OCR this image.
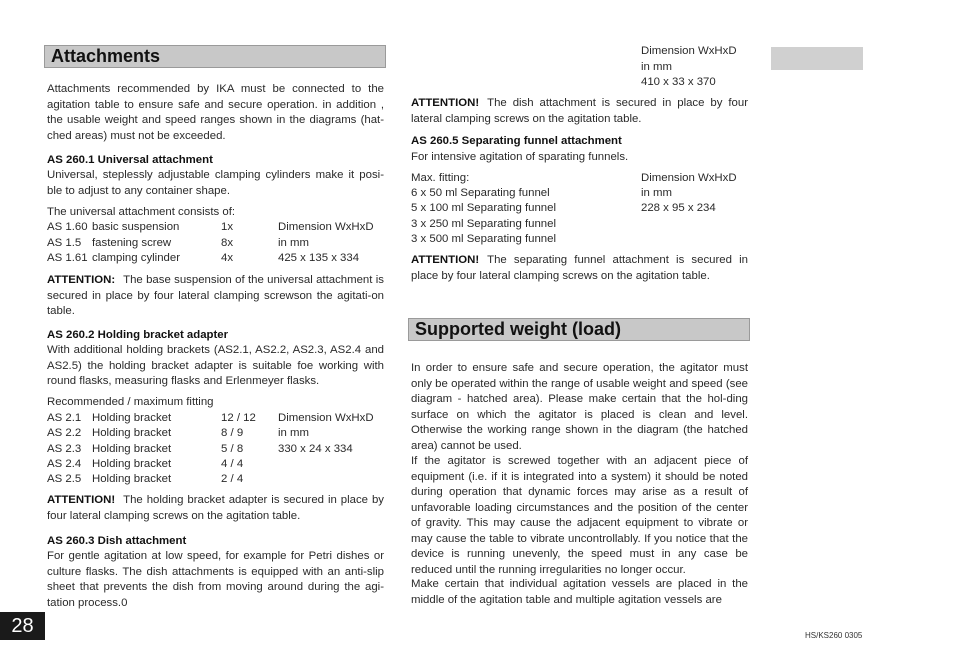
Attachments

Attachments recommended by IKA must be connected to the agitation table to ensure safe and secure operation. in addition , the usable weight and speed ranges shown in the diagrams (hat-ched areas) must not be exceeded.

AS 260.1 Universal attachment

Universal, steplessly adjustable clamping cylinders make it posi-ble to adjust to any container shape.

The universal attachment consists of:

AS 1.60 basic suspension	1x	Dimension WxHxD
AS 1.5 fastening screw	8x	in mm
AS 1.61 clamping cylinder	4x	425 x 135 x 334

ATTENTION: The base suspension of the universal attachment is secured in place by four lateral clamping screwson the agitati-on table.

AS 260.2 Holding bracket adapter

With additional holding brackets (AS2.1, AS2.2, AS2.3, AS2.4 and AS2.5) the holding bracket adapter is suitable foe working with round flasks, measuring flasks and Erlenmeyer flasks.

Recommended / maximum fitting

AS 2.1 Holding bracket	12 / 12 Dimension WxHxD
AS 2.2 Holding bracket	8 / 9	in mm
AS 2.3 Holding bracket	5 / 8	330 x 24 x 334
AS 2.4 Holding bracket	4 / 4
AS 2.5 Holding bracket	2 / 4

ATTENTION! The holding bracket adapter is secured in place by four lateral clamping screws on the agitation table.

AS 260.3 Dish attachment

For gentle agitation at low speed, for example for Petri dishes or culture flasks. The dish attachments is equipped with an anti-slip sheet that prevents the dish from moving around during the agi-tation process.0

Dimension WxHxD
in mm
410 x 33 x 370

ATTENTION! The dish attachment is secured in place by four lateral clamping screws on the agitation table.

AS 260.5 Separating funnel attachment

For intensive agitation of sparating funnels.

Max. fitting:	Dimension WxHxD
6 x 50 ml Separating funnel	in mm
5 x 100 ml Separating funnel	228 x 95 x 234
3 x 250 ml Separating funnel
3 x 500 ml Separating funnel

ATTENTION! The separating funnel attachment is secured in place by four lateral clamping screws on the agitation table.

Supported weight (load)

In order to ensure safe and secure operation, the agitator must only be operated within the range of usable weight and speed (see diagram - hatched area). Please make certain that the hol-ding surface on which the agitator is placed is clean and level. Otherwise the working range shown in the diagram (the hatched area) cannot be used.

If the agitator is screwed together with an adjacent piece of equipment (i.e. if it is integrated into a system) it should be noted during operation that dynamic forces may arise as a result of unfavorable loading circumstances and the position of the center of gravity. This may cause the adjacent equipment to vibrate or may cause the table to vibrate uncontrollably. If you notice that the device is running unevenly, the speed must in any case be reduced until the running irregularities no longer occur.

Make certain that individual agitation vessels are placed in the middle of the agitation table and multiple agitation vessels are

28	HS/KS260 0305
